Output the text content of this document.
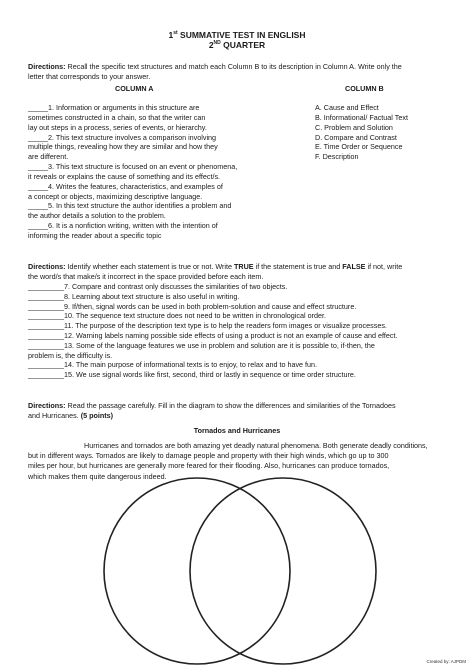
1st SUMMATIVE TEST IN ENGLISH
2ND QUARTER
Directions: Recall the specific text structures and match each Column B to its description in Column A. Write only the
letter that corresponds to your answer.
COLUMN A	COLUMN B
_____1. Information or arguments in this structure are
sometimes constructed in a chain, so that the writer can
lay out steps in a process, series of events, or hierarchy.
_____2. This text structure involves a comparison involving
multiple things, revealing how they are similar and how they
are different.
_____3. This text structure is focused on an event or phenomena,
it reveals or explains the cause of something and its effect/s.
_____4. Writes the features, characteristics, and examples of
a concept or objects, maximizing descriptive language.
_____5. In this text structure the author identifies a problem and
the author details a solution to the problem.
_____6. It is a nonfiction writing, written with the intention of
informing the reader about a specific topic
A. Cause and Effect
B. Informational/ Factual Text
C. Problem and Solution
D. Compare and Contrast
E. Time Order or Sequence
F. Description
Directions: Identify whether each statement is true or not. Write TRUE if the statement is true and FALSE if not, write
the word/s that make/s it incorrect in the space provided before each item.
_________7. Compare and contrast only discusses the similarities of two objects.
_________8. Learning about text structure is also useful in writing.
_________9. If/then, signal words can be used in both problem-solution and cause and effect structure.
_________10. The sequence text structure does not need to be written in chronological order.
_________11. The purpose of the description text type is to help the readers form images or visualize processes.
_________12. Warning labels naming possible side effects of using a product is not an example of cause and effect.
_________13. Some of the language features we use in problem and solution are it is possible to, if-then, the
problem is, the difficulty is.
_________14. The main purpose of informational texts is to enjoy, to relax and to have fun.
_________15. We use signal words like first, second, third or lastly in sequence or time order structure.
Directions: Read the passage carefully. Fill in the diagram to show the differences and similarities of the Tornadoes
and Hurricanes. (5 points)
Tornados and Hurricanes
Hurricanes and tornados are both amazing yet deadly natural phenomena. Both generate deadly conditions,
but in different ways. Tornados are likely to damage people and property with their high winds, which go up to 300
miles per hour, but hurricanes are generally more feared for their flooding. Also, hurricanes can produce tornados,
which makes them quite dangerous indeed.
Created by: AJPDM
